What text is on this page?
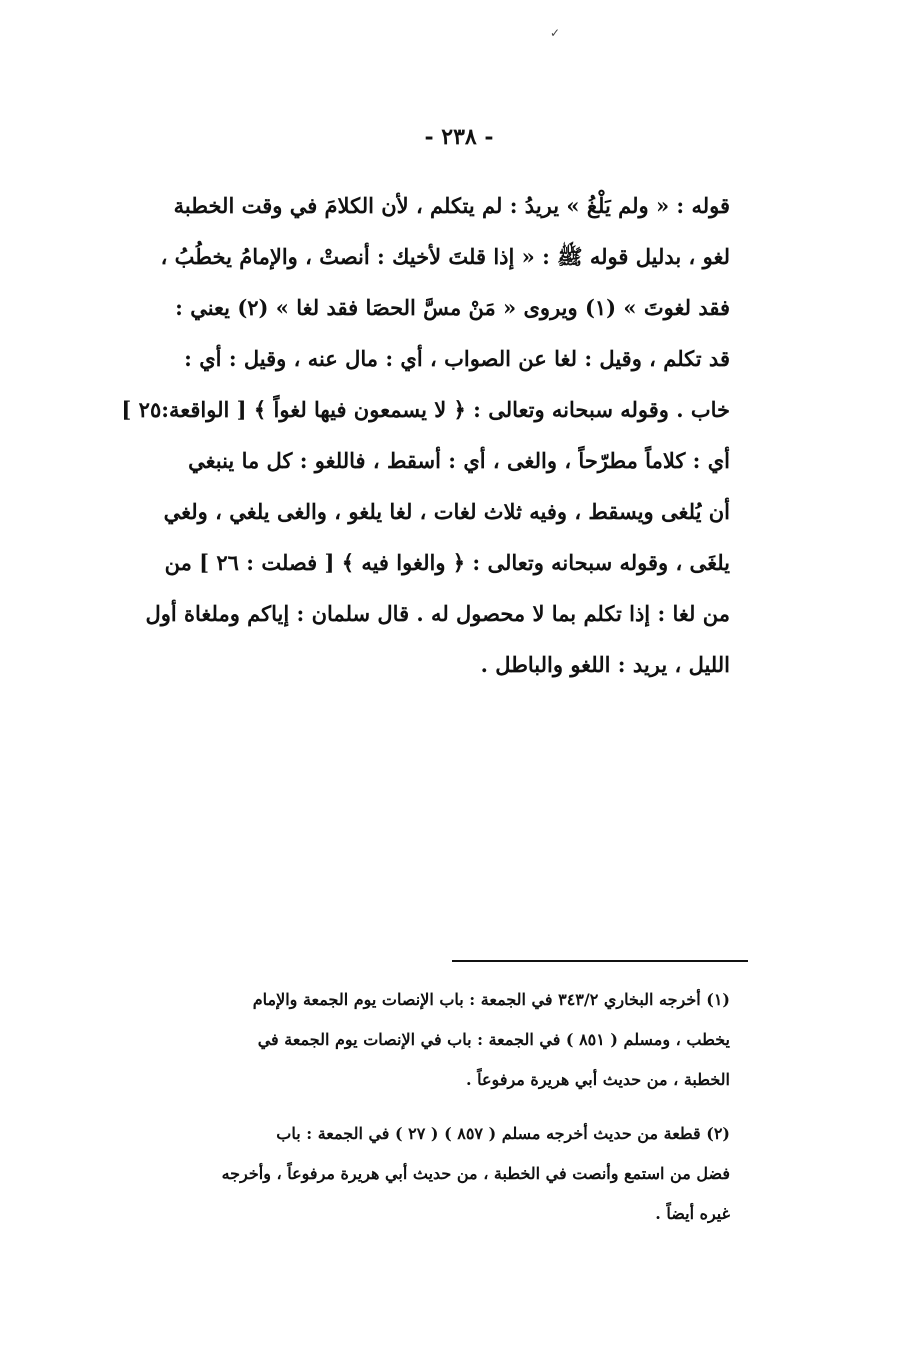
✓
- ٢٣٨ -
قوله : « ولم يَلْغُ » يريدُ : لم يتكلم ، لأن الكلامَ في وقت الخطبة
لغو ، بدليل قوله ﷺ : « إذا قلتَ لأخيك : أنصتْ ، والإمامُ يخطُبُ ،
فقد لغوتَ » (١) ويروى « مَنْ مسَّ الحصَا فقد لغا » (٢) يعني :
قد تكلم ، وقيل : لغا عن الصواب ، أي : مال عنه ، وقيل : أي :
خاب . وقوله سبحانه وتعالى : ﴿ لا يسمعون فيها لغواً ﴾ [ الواقعة:٢٥ ]
أي : كلاماً مطرّحاً ، والغى ، أي : أسقط ، فاللغو : كل ما ينبغي
أن يُلغى ويسقط ، وفيه ثلاث لغات ، لغا يلغو ، والغى يلغي ، ولغي
يلغَى ، وقوله سبحانه وتعالى : ﴿ والغوا فيه ﴾ [ فصلت : ٢٦ ] من
من لغا : إذا تكلم بما لا محصول له . قال سلمان : إياكم وملغاة أول
الليل ، يريد : اللغو والباطل .
(١) أخرجه البخاري ٣٤٣/٢ في الجمعة : باب الإنصات يوم الجمعة والإمام
يخطب ، ومسلم ( ٨٥١ ) في الجمعة : باب في الإنصات يوم الجمعة في
الخطبة ، من حديث أبي هريرة مرفوعاً .
(٢) قطعة من حديث أخرجه مسلم ( ٨٥٧ ) ( ٢٧ ) في الجمعة : باب
فضل من استمع وأنصت في الخطبة ، من حديث أبي هريرة مرفوعاً ، وأخرجه
غيره أيضاً .
